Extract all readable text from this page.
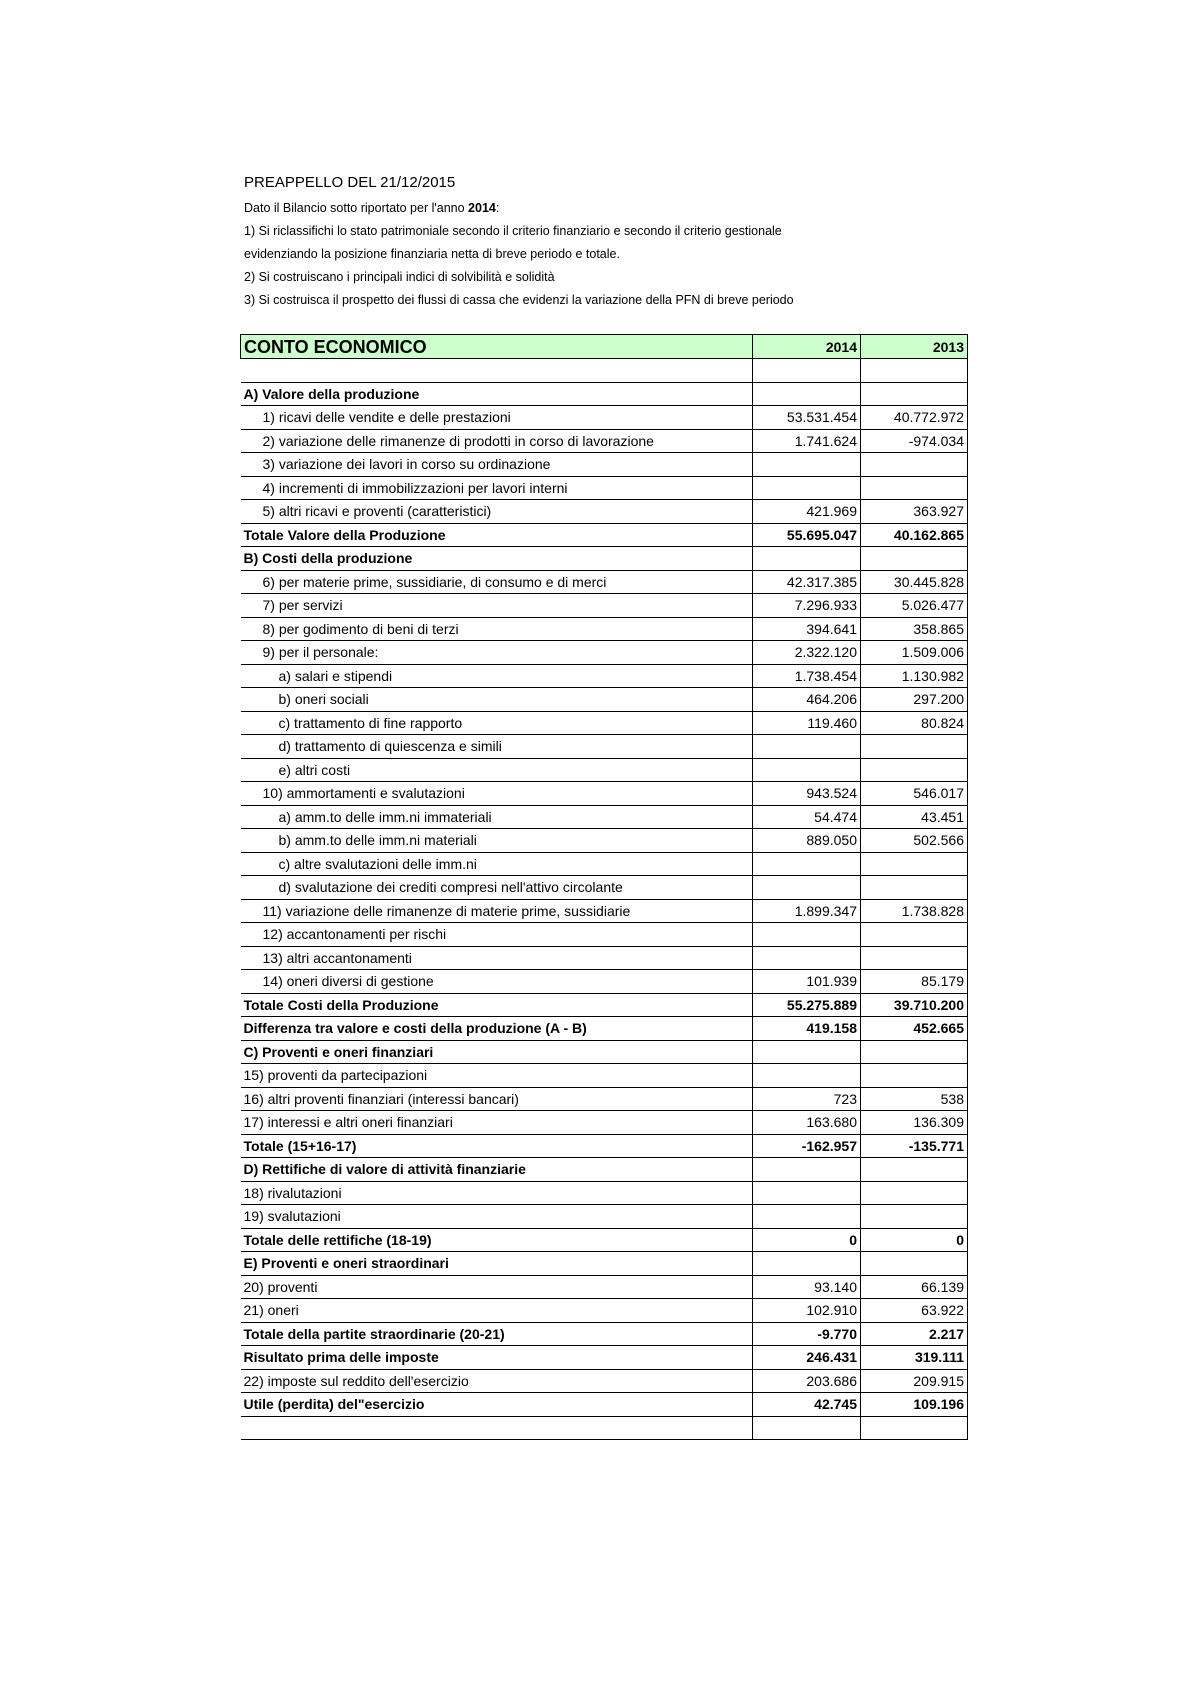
PREAPPELLO DEL 21/12/2015
Dato il Bilancio sotto riportato per l'anno 2014:
1) Si riclassifichi lo stato patrimoniale secondo il criterio finanziario e secondo il criterio gestionale
evidenziando la posizione finanziaria netta di breve periodo e totale.
2) Si costruiscano i principali indici di solvibilità e solidità
3) Si costruisca il prospetto dei flussi di cassa che evidenzi la variazione della PFN di breve periodo
CONTO ECONOMICO	2014	2013

A) Valore della produzione		
1) ricavi delle vendite e delle prestazioni	53.531.454	40.772.972
2) variazione delle rimanenze di prodotti in corso di lavorazione	1.741.624	-974.034
3) variazione dei lavori in corso su ordinazione		
4) incrementi di immobilizzazioni per lavori interni		
5) altri ricavi e proventi (caratteristici)	421.969	363.927
Totale Valore della Produzione	55.695.047	40.162.865
B) Costi della produzione		
6) per materie prime, sussidiarie, di consumo e di merci	42.317.385	30.445.828
7) per servizi	7.296.933	5.026.477
8) per godimento di beni di terzi	394.641	358.865
9) per il personale:	2.322.120	1.509.006
a) salari e stipendi	1.738.454	1.130.982
b) oneri sociali	464.206	297.200
c) trattamento di fine rapporto	119.460	80.824
d) trattamento di quiescenza e simili		
e) altri costi		
10) ammortamenti e svalutazioni	943.524	546.017
a) amm.to delle imm.ni immateriali	54.474	43.451
b) amm.to delle imm.ni materiali	889.050	502.566
c) altre svalutazioni delle imm.ni		
d) svalutazione dei crediti compresi nell'attivo circolante		
11) variazione delle rimanenze di materie prime, sussidiarie	1.899.347	1.738.828
12) accantonamenti per rischi		
13) altri accantonamenti		
14) oneri diversi di gestione	101.939	85.179
Totale Costi della Produzione	55.275.889	39.710.200
Differenza tra valore e costi della produzione (A - B)	419.158	452.665
C) Proventi e oneri finanziari		
15) proventi da partecipazioni		
16) altri proventi finanziari (interessi bancari)	723	538
17) interessi e altri oneri finanziari	163.680	136.309
Totale (15+16-17)	-162.957	-135.771
D) Rettifiche di valore di attività finanziarie		
18) rivalutazioni		
19) svalutazioni		
Totale delle rettifiche (18-19)	0	0
E) Proventi e oneri straordinari		
20) proventi	93.140	66.139
21) oneri	102.910	63.922
Totale della partite straordinarie (20-21)	-9.770	2.217
Risultato prima delle imposte	246.431	319.111
22) imposte sul reddito dell'esercizio	203.686	209.915
Utile (perdita) del"esercizio	42.745	109.196
